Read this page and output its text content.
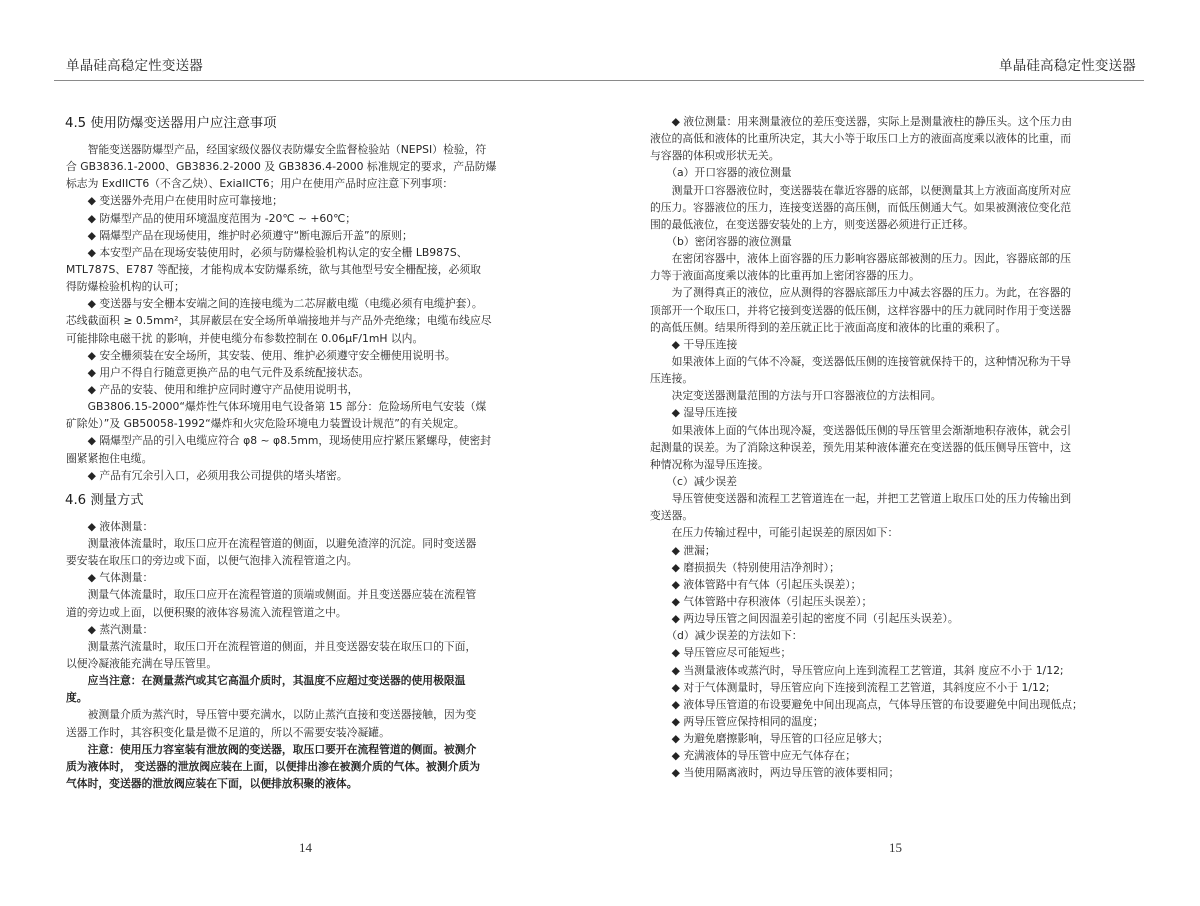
单晶硅高稳定性变送器
4.5 使用防爆变送器用户应注意事项
　　智能变送器防爆型产品，经国家级仪器仪表防爆安全监督检验站（NEPSI）检验，符
合 GB3836.1-2000、GB3836.2-2000 及 GB3836.4-2000 标准规定的要求，产品防爆
标志为 ExdIICT6（不含乙炔）、ExiaIICT6；用户在使用产品时应注意下列事项：
　　◆ 变送器外壳用户在使用时应可靠接地；
　　◆ 防爆型产品的使用环境温度范围为 -20℃ ~ +60℃；
　　◆ 隔爆型产品在现场使用，维护时必须遵守“断电源后开盖”的原则；
　　◆ 本安型产品在现场安装使用时，必须与防爆检验机构认定的安全栅 LB987S、
MTL787S、E787 等配接，才能构成本安防爆系统，欲与其他型号安全栅配接，必须取
得防爆检验机构的认可；
　　◆ 变送器与安全栅本安端之间的连接电缆为二芯屏蔽电缆（电缆必须有电缆护套）。
芯线截面积 ≥ 0.5mm²，其屏蔽层在安全场所单端接地并与产品外壳绝缘；电缆布线应尽
可能排除电磁干扰 的影响，并使电缆分布参数控制在 0.06μF/1mH 以内。
　　◆ 安全栅须装在安全场所，其安装、使用、维护必须遵守安全栅使用说明书。
　　◆ 用户不得自行随意更换产品的电气元件及系统配接状态。
　　◆ 产品的安装、使用和维护应同时遵守产品使用说明书，
　　GB3806.15-2000“爆炸性气体环境用电气设备第 15 部分：危险场所电气安装（煤
矿除处）”及 GB50058-1992“爆炸和火灾危险环境电力装置设计规范”的有关规定。
　　◆ 隔爆型产品的引入电缆应符合 φ8 ~ φ8.5mm，现场使用应拧紧压紧螺母，使密封
圈紧紧抱住电缆。
　　◆ 产品有冗余引入口，必须用我公司提供的堵头堵密。
4.6 测量方式
　　◆ 液体测量：
　　测量液体流量时，取压口应开在流程管道的侧面，以避免渣滓的沉淀。同时变送器
要安装在取压口的旁边或下面，以便气泡排入流程管道之内。
　　◆ 气体测量：
　　测量气体流量时，取压口应开在流程管道的顶端或侧面。并且变送器应装在流程管
道的旁边或上面，以便积聚的液体容易流入流程管道之中。
　　◆ 蒸汽测量：
　　测量蒸汽流量时，取压口开在流程管道的侧面，并且变送器安装在取压口的下面，
以便冷凝液能充满在导压管里。
　　应当注意：在测量蒸汽或其它高温介质时，其温度不应超过变送器的使用极限温
度。
　　被测量介质为蒸汽时，导压管中要充满水，以防止蒸汽直接和变送器接触，因为变
送器工作时，其容积变化量是微不足道的，所以不需要安装冷凝罐。
　　注意：使用压力容室装有泄放阀的变送器，取压口要开在流程管道的侧面。被测介
质为液体时， 变送器的泄放阀应装在上面，以便排出渗在被测介质的气体。被测介质为
气体时，变送器的泄放阀应装在下面，以便排放积聚的液体。
14
单晶硅高稳定性变送器
　　◆ 液位测量：用来测量液位的差压变送器，实际上是测量液柱的静压头。这个压力由
液位的高低和液体的比重所决定，其大小等于取压口上方的液面高度乘以液体的比重，而
与容器的体积或形状无关。
　　（a）开口容器的液位测量
　　测量开口容器液位时，变送器装在靠近容器的底部，以便测量其上方液面高度所对应
的压力。容器液位的压力，连接变送器的高压侧，而低压侧通大气。如果被测液位变化范
围的最低液位，在变送器安装处的上方，则变送器必须进行正迁移。
　　（b）密闭容器的液位测量
　　在密闭容器中，液体上面容器的压力影响容器底部被测的压力。因此，容器底部的压
力等于液面高度乘以液体的比重再加上密闭容器的压力。
　　为了测得真正的液位，应从测得的容器底部压力中减去容器的压力。为此，在容器的
顶部开一个取压口，并将它接到变送器的低压侧，这样容器中的压力就同时作用于变送器
的高低压侧。结果所得到的差压就正比于液面高度和液体的比重的乘积了。
　　◆ 干导压连接
　　如果液体上面的气体不冷凝，变送器低压侧的连接管就保持干的，这种情况称为干导
压连接。
　　决定变送器测量范围的方法与开口容器液位的方法相同。
　　◆ 湿导压连接
　　如果液体上面的气体出现冷凝，变送器低压侧的导压管里会渐渐地积存液体，就会引
起测量的误差。为了消除这种误差，预先用某种液体灌充在变送器的低压侧导压管中，这
种情况称为湿导压连接。
　　（c）减少误差
　　导压管使变送器和流程工艺管道连在一起，并把工艺管道上取压口处的压力传输出到
变送器。
　　在压力传输过程中，可能引起误差的原因如下：
　　◆ 泄漏；
　　◆ 磨损损失（特别使用洁净剂时）；
　　◆ 液体管路中有气体（引起压头误差）；
　　◆ 气体管路中存积液体（引起压头误差）；
　　◆ 两边导压管之间因温差引起的密度不同（引起压头误差）。
　　（d）减少误差的方法如下：
　　◆ 导压管应尽可能短些；
　　◆ 当测量液体或蒸汽时，导压管应向上连到流程工艺管道，其斜 度应不小于 1/12;
　　◆ 对于气体测量时，导压管应向下连接到流程工艺管道，其斜度应不小于 1/12;
　　◆ 液体导压管道的布设要避免中间出现高点，气体导压管的布设要避免中间出现低点；
　　◆ 两导压管应保持相同的温度；
　　◆ 为避免磨擦影响，导压管的口径应足够大；
　　◆ 充满液体的导压管中应无气体存在；
　　◆ 当使用隔离液时，两边导压管的液体要相同；
15
